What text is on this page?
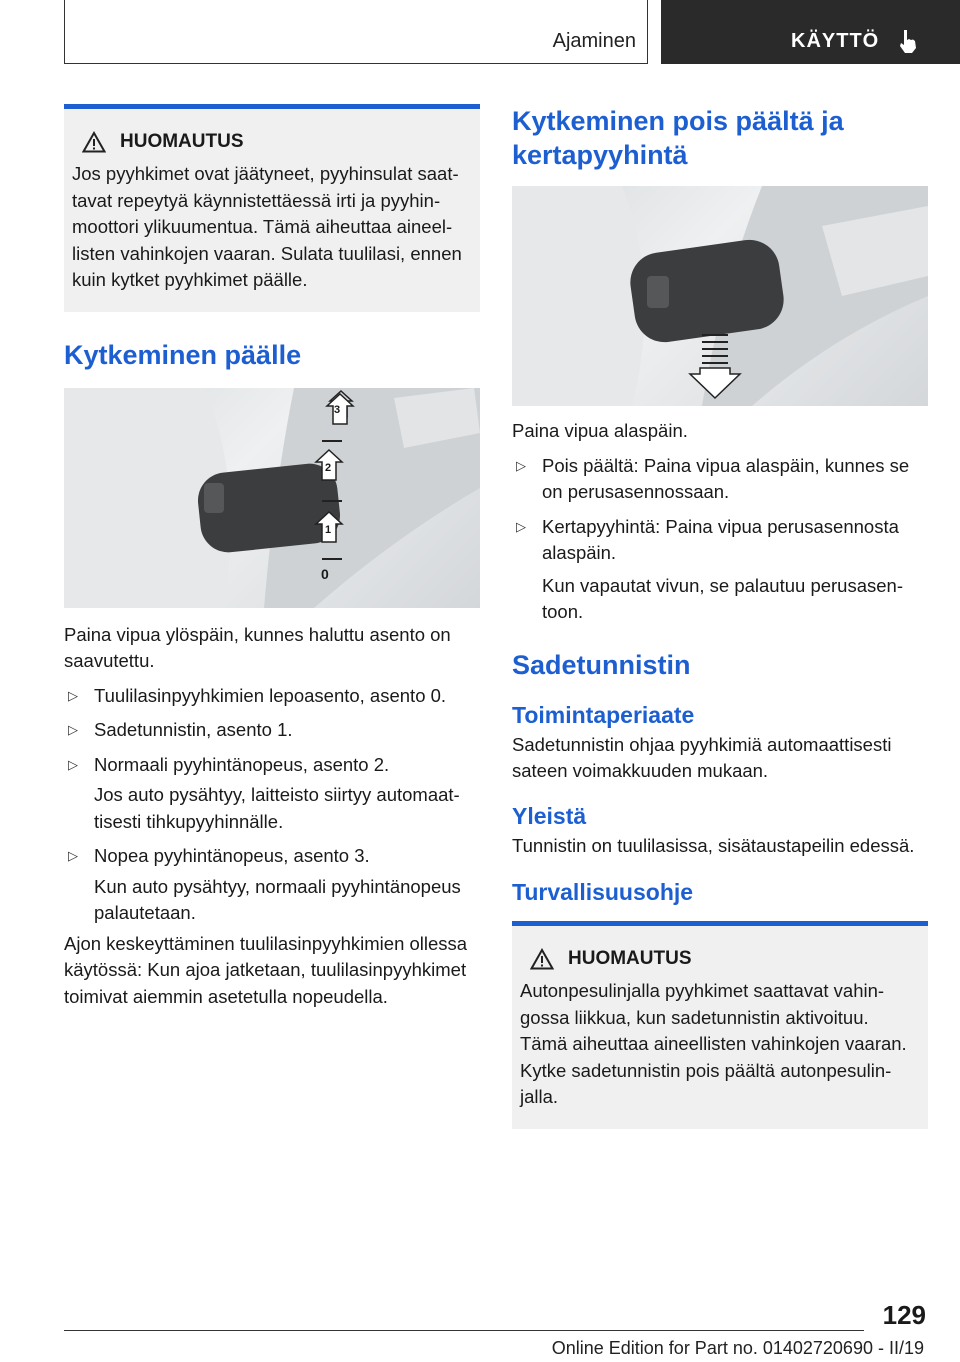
Ajaminen	KÄYTTÖ
HUOMAUTUS
Jos pyyhkimet ovat jäätyneet, pyyhinsulat saat-tavat repeytyä käynnistettäessä irti ja pyyhin-moottori ylikuumentua. Tämä aiheuttaa aineel-listen vahinkojen vaaran. Sulata tuulilasi, ennen kuin kytket pyyhkimet päälle.
Kytkeminen päälle
3
2
1
0

Paina vipua ylöspäin, kunnes haluttu asento on saavutettu.

▷ Tuulilasinpyyhkimien lepoasento, asento 0.
▷ Sadetunnistin, asento 1.
▷ Normaali pyyhintänopeus, asento 2.
Jos auto pysähtyy, laitteisto siirtyy automaat-tisesti tihkupyyhinnälle.
▷ Nopea pyyhintänopeus, asento 3.
Kun auto pysähtyy, normaali pyyhintänopeus palautetaan.

Ajon keskeyttäminen tuulilasinpyyhkimien ollessa käytössä: Kun ajoa jatketaan, tuulilasinpyyhkimet toimivat aiemmin asetetulla nopeudella.

Kytkeminen pois päältä ja kertapyyhintä

Paina vipua alaspäin.

▷ Pois päältä: Paina vipua alaspäin, kunnes se on perusasennossaan.
▷ Kertapyyhintä: Paina vipua perusasennosta alaspäin.
Kun vapautat vivun, se palautuu perusasen-toon.
Sadetunnistin
Toimintaperiaate

Sadetunnistin ohjaa pyyhkimiä automaattisesti sateen voimakkuuden mukaan.

Yleistä

Tunnistin on tuulilasissa, sisätaustapeilin edessä.

Turvallisuusohje
HUOMAUTUS
Autonpesulinjalla pyyhkimet saattavat vahin-gossa liikkua, kun sadetunnistin aktivoituu. Tämä aiheuttaa aineellisten vahinkojen vaaran. Kytke sadetunnistin pois päältä autonpesulin-jalla.
129
Online Edition for Part no. 01402720690 - II/19
